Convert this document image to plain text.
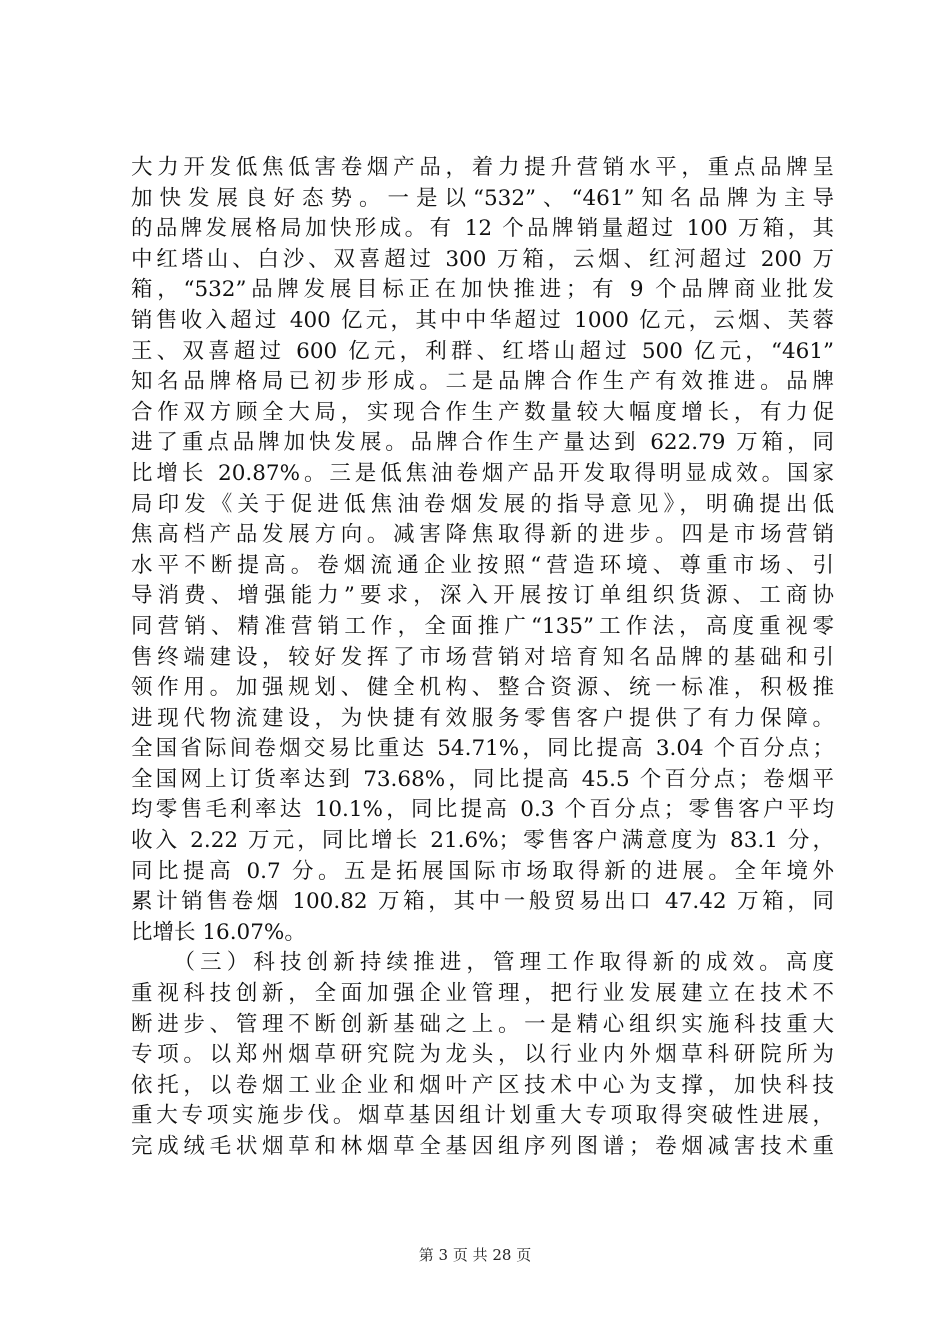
大力开发低焦低害卷烟产品，着力提升营销水平，重点品牌呈
加快发展良好态势。一是以“532”、“461”知名品牌为主导
的品牌发展格局加快形成。有 12 个品牌销量超过 100 万箱，其
中红塔山、白沙、双喜超过 300 万箱，云烟、红河超过 200 万
箱，“532”品牌发展目标正在加快推进；有 9 个品牌商业批发
销售收入超过 400 亿元，其中中华超过 1000 亿元，云烟、芙蓉
王、双喜超过 600 亿元，利群、红塔山超过 500 亿元，“461”
知名品牌格局已初步形成。二是品牌合作生产有效推进。品牌
合作双方顾全大局，实现合作生产数量较大幅度增长，有力促
进了重点品牌加快发展。品牌合作生产量达到 622.79 万箱，同
比增长 20.87%。三是低焦油卷烟产品开发取得明显成效。国家
局印发《关于促进低焦油卷烟发展的指导意见》，明确提出低
焦高档产品发展方向。减害降焦取得新的进步。四是市场营销
水平不断提高。卷烟流通企业按照“营造环境、尊重市场、引
导消费、增强能力”要求，深入开展按订单组织货源、工商协
同营销、精准营销工作，全面推广“135”工作法，高度重视零
售终端建设，较好发挥了市场营销对培育知名品牌的基础和引
领作用。加强规划、健全机构、整合资源、统一标准，积极推
进现代物流建设，为快捷有效服务零售客户提供了有力保障。
全国省际间卷烟交易比重达 54.71%，同比提高 3.04 个百分点；
全国网上订货率达到 73.68%，同比提高 45.5 个百分点；卷烟平
均零售毛利率达 10.1%，同比提高 0.3 个百分点；零售客户平均
收入 2.22 万元，同比增长 21.6%；零售客户满意度为 83.1 分，
同比提高 0.7 分。五是拓展国际市场取得新的进展。全年境外
累计销售卷烟 100.82 万箱，其中一般贸易出口 47.42 万箱，同
比增长 16.07%。
　　（三）科技创新持续推进，管理工作取得新的成效。高度
重视科技创新，全面加强企业管理，把行业发展建立在技术不
断进步、管理不断创新基础之上。一是精心组织实施科技重大
专项。以郑州烟草研究院为龙头，以行业内外烟草科研院所为
依托，以卷烟工业企业和烟叶产区技术中心为支撑，加快科技
重大专项实施步伐。烟草基因组计划重大专项取得突破性进展，
完成绒毛状烟草和林烟草全基因组序列图谱；卷烟减害技术重
第 3 页 共 28 页
